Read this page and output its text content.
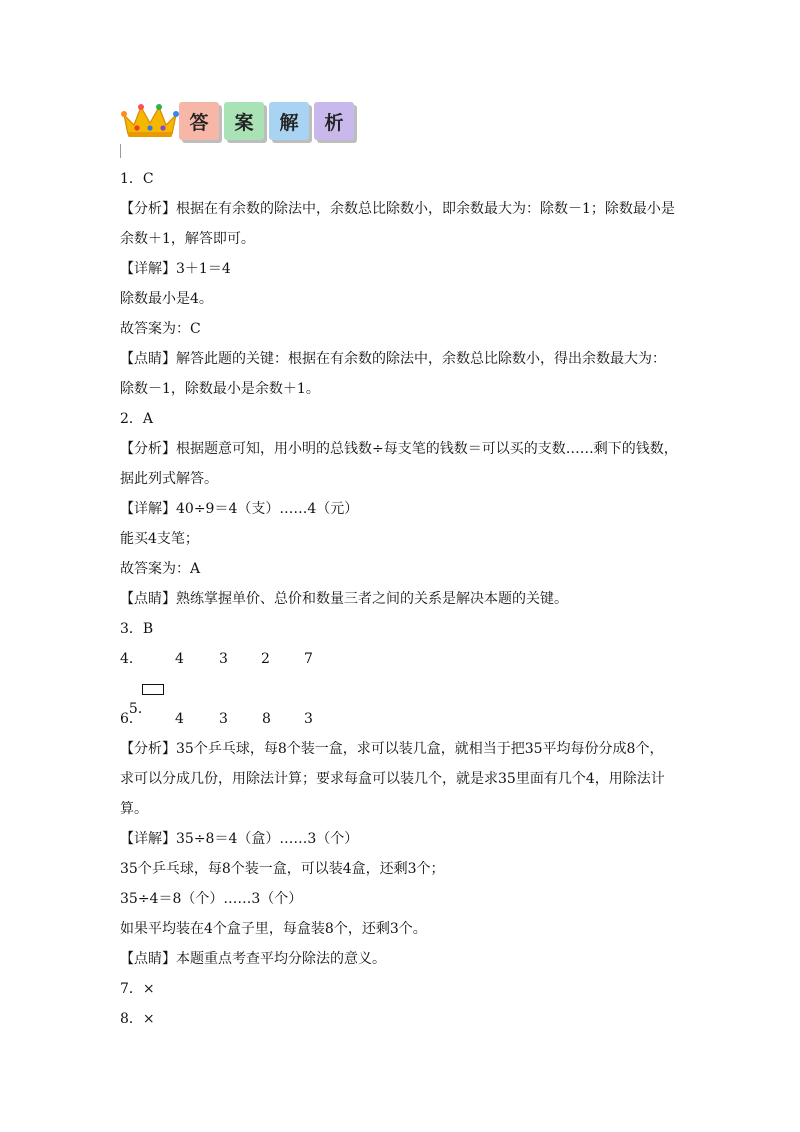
答	案	解	析
1．C
【分析】根据在有余数的除法中，余数总比除数小，即余数最大为：除数－1；除数最小是
余数＋1，解答即可。
【详解】3＋1＝4
除数最小是4。
故答案为：C
【点睛】解答此题的关键：根据在有余数的除法中，余数总比除数小，得出余数最大为：
除数－1，除数最小是余数＋1。
2．A
【分析】根据题意可知，用小明的总钱数÷每支笔的钱数＝可以买的支数……剩下的钱数，
据此列式解答。
【详解】40÷9＝4（支）……4（元）
能买4支笔；
故答案为：A
【点睛】熟练掌握单价、总价和数量三者之间的关系是解决本题的关键。
3．B

4．

4

	3

2

7

5．

6．

4

	3

8

3

【分析】35个乒乓球，每8个装一盒，求可以装几盒，就相当于把35平均每份分成8个，
求可以分成几份，用除法计算；要求每盒可以装几个，就是求35里面有几个4，用除法计
算。
【详解】35÷8＝4（盒）……3（个）
35个乒乓球，每8个装一盒，可以装4盒，还剩3个；
35÷4＝8（个）……3（个）
如果平均装在4个盒子里，每盒装8个，还剩3个。
【点睛】本题重点考查平均分除法的意义。
7．×
8．×
